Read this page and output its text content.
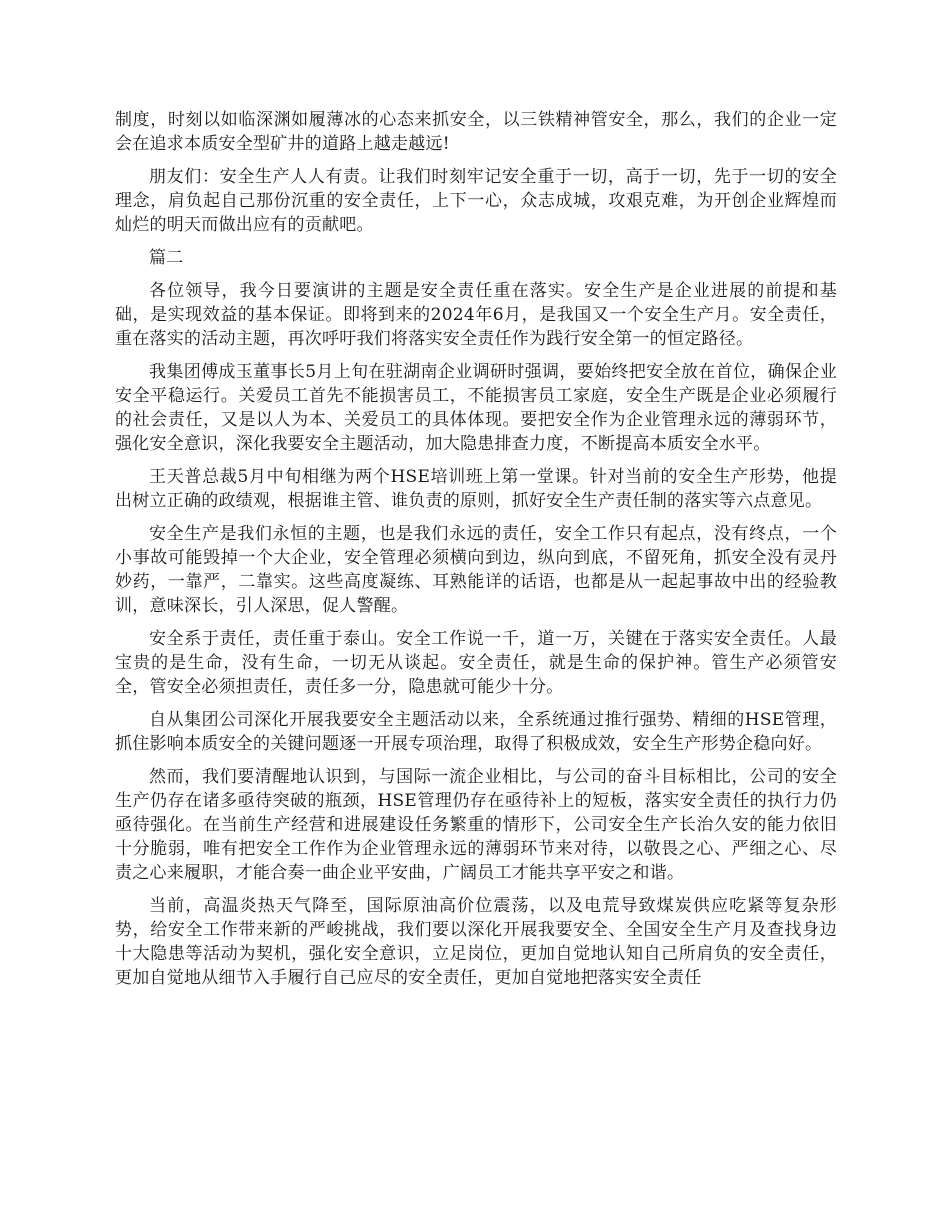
制度，时刻以如临深渊如履薄冰的心态来抓安全，以三铁精神管安全，那么，我们的企业一定会在追求本质安全型矿井的道路上越走越远!

朋友们：安全生产人人有责。让我们时刻牢记安全重于一切，高于一切，先于一切的安全理念，肩负起自己那份沉重的安全责任，上下一心，众志成城，攻艰克难，为开创企业辉煌而灿烂的明天而做出应有的贡献吧。

篇二

各位领导，我今日要演讲的主题是安全责任重在落实。安全生产是企业进展的前提和基础，是实现效益的基本保证。即将到来的2024年6月，是我国又一个安全生产月。安全责任，重在落实的活动主题，再次呼吁我们将落实安全责任作为践行安全第一的恒定路径。

我集团傅成玉董事长5月上旬在驻湖南企业调研时强调，要始终把安全放在首位，确保企业安全平稳运行。关爱员工首先不能损害员工，不能损害员工家庭，安全生产既是企业必须履行的社会责任，又是以人为本、关爱员工的具体体现。要把安全作为企业管理永远的薄弱环节，强化安全意识，深化我要安全主题活动，加大隐患排查力度，不断提高本质安全水平。

王天普总裁5月中旬相继为两个HSE培训班上第一堂课。针对当前的安全生产形势，他提出树立正确的政绩观，根据谁主管、谁负责的原则，抓好安全生产责任制的落实等六点意见。

安全生产是我们永恒的主题，也是我们永远的责任，安全工作只有起点，没有终点，一个小事故可能毁掉一个大企业，安全管理必须横向到边，纵向到底，不留死角，抓安全没有灵丹妙药，一靠严，二靠实。这些高度凝练、耳熟能详的话语，也都是从一起起事故中出的经验教训，意味深长，引人深思，促人警醒。

安全系于责任，责任重于泰山。安全工作说一千，道一万，关键在于落实安全责任。人最宝贵的是生命，没有生命，一切无从谈起。安全责任，就是生命的保护神。管生产必须管安全，管安全必须担责任，责任多一分，隐患就可能少十分。

自从集团公司深化开展我要安全主题活动以来，全系统通过推行强势、精细的HSE管理，抓住影响本质安全的关键问题逐一开展专项治理，取得了积极成效，安全生产形势企稳向好。

然而，我们要清醒地认识到，与国际一流企业相比，与公司的奋斗目标相比，公司的安全生产仍存在诸多亟待突破的瓶颈，HSE管理仍存在亟待补上的短板，落实安全责任的执行力仍亟待强化。在当前生产经营和进展建设任务繁重的情形下，公司安全生产长治久安的能力依旧十分脆弱，唯有把安全工作作为企业管理永远的薄弱环节来对待，以敬畏之心、严细之心、尽责之心来履职，才能合奏一曲企业平安曲，广阔员工才能共享平安之和谐。

当前，高温炎热天气降至，国际原油高价位震荡，以及电荒导致煤炭供应吃紧等复杂形势，给安全工作带来新的严峻挑战，我们要以深化开展我要安全、全国安全生产月及查找身边十大隐患等活动为契机，强化安全意识，立足岗位，更加自觉地认知自己所肩负的安全责任，更加自觉地从细节入手履行自己应尽的安全责任，更加自觉地把落实安全责任
